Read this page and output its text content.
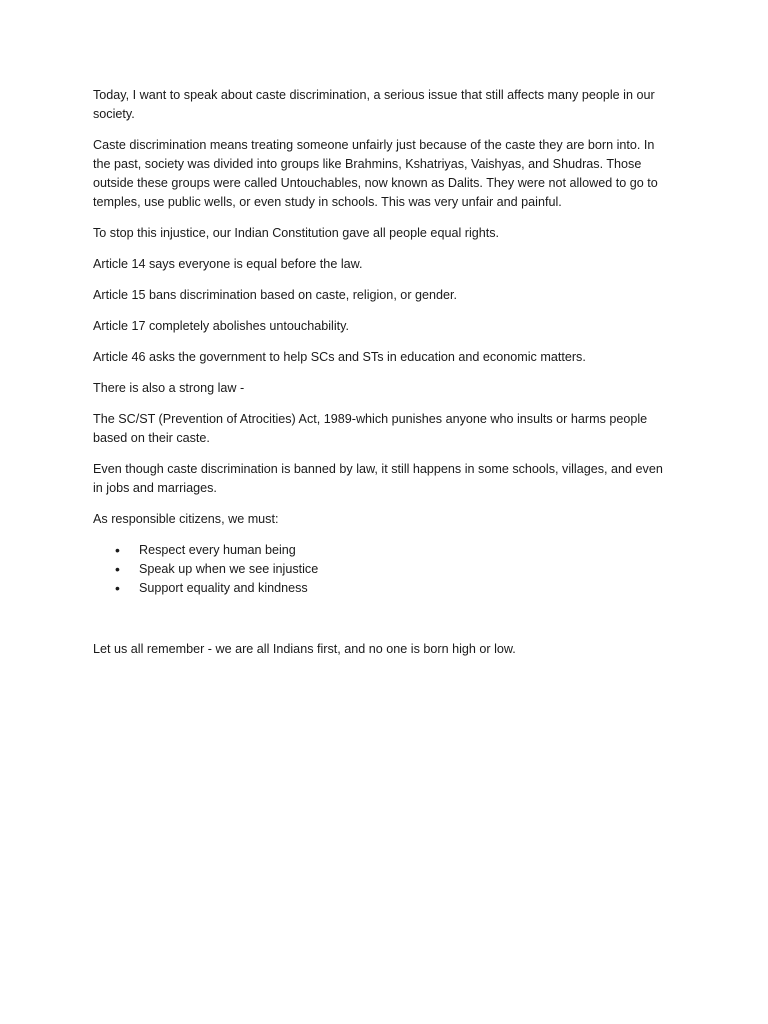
Today, I want to speak about caste discrimination, a serious issue that still affects many people in our society.

Caste discrimination means treating someone unfairly just because of the caste they are born into. In the past, society was divided into groups like Brahmins, Kshatriyas, Vaishyas, and Shudras. Those outside these groups were called Untouchables, now known as Dalits. They were not allowed to go to temples, use public wells, or even study in schools. This was very unfair and painful.

To stop this injustice, our Indian Constitution gave all people equal rights.

Article 14 says everyone is equal before the law.

Article 15 bans discrimination based on caste, religion, or gender.

Article 17 completely abolishes untouchability.

Article 46 asks the government to help SCs and STs in education and economic matters.

There is also a strong law -

The SC/ST (Prevention of Atrocities) Act, 1989-which punishes anyone who insults or harms people based on their caste.

Even though caste discrimination is banned by law, it still happens in some schools, villages, and even in jobs and marriages.

As responsible citizens, we must:

• Respect every human being
• Speak up when we see injustice
• Support equality and kindness

Let us all remember - we are all Indians first, and no one is born high or low.
